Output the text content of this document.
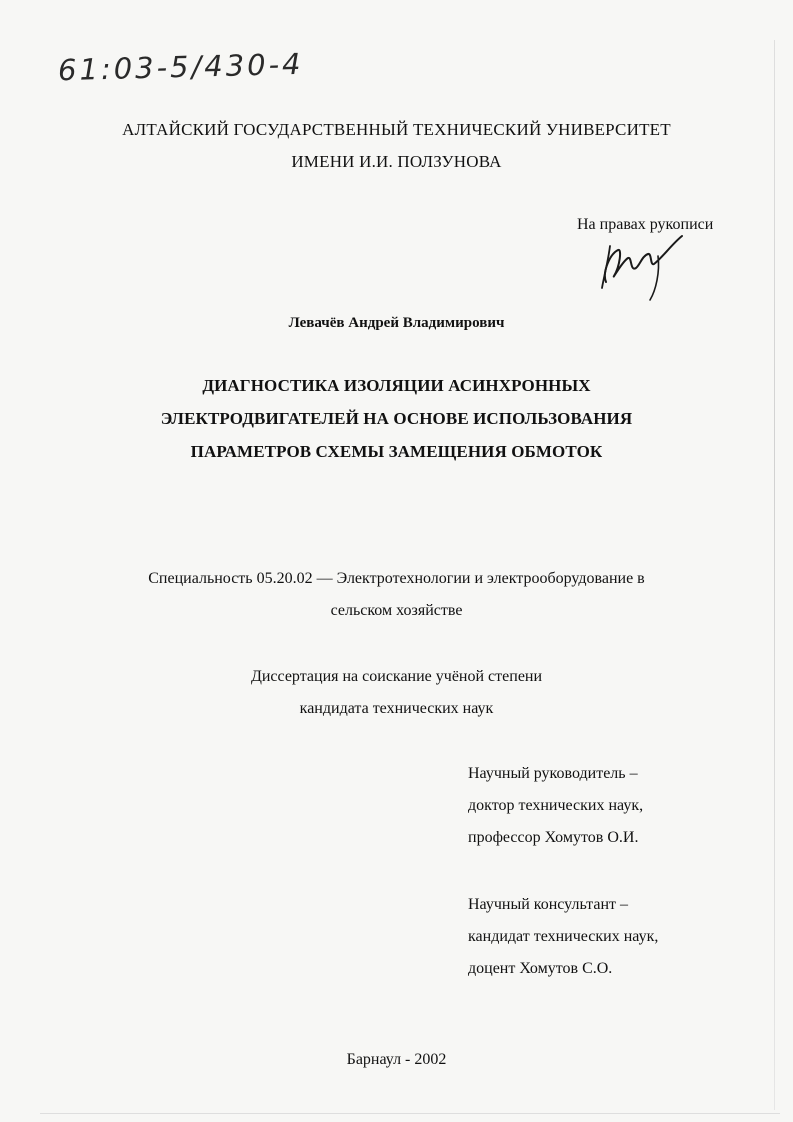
61:03-5/430-4
АЛТАЙСКИЙ ГОСУДАРСТВЕННЫЙ ТЕХНИЧЕСКИЙ УНИВЕРСИТЕТ
ИМЕНИ И.И. ПОЛЗУНОВА
На правах рукописи
Левачёв Андрей Владимирович
ДИАГНОСТИКА ИЗОЛЯЦИИ АСИНХРОННЫХ
ЭЛЕКТРОДВИГАТЕЛЕЙ НА ОСНОВЕ ИСПОЛЬЗОВАНИЯ
ПАРАМЕТРОВ СХЕМЫ ЗАМЕЩЕНИЯ ОБМОТОК
Специальность 05.20.02 — Электротехнологии и электрооборудование в
сельском хозяйстве
Диссертация на соискание учёной степени
кандидата технических наук
Научный руководитель –
доктор технических наук,
профессор Хомутов О.И.
Научный консультант –
кандидат технических наук,
доцент Хомутов С.О.
Барнаул - 2002
